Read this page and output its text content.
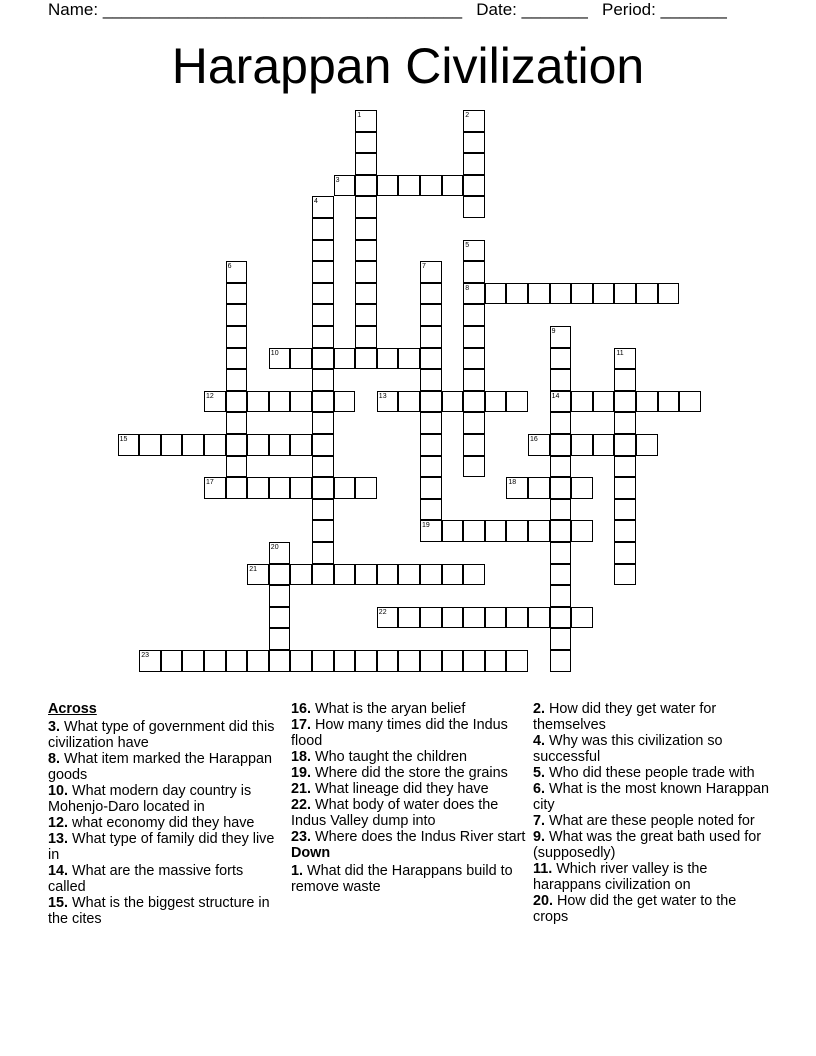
Name: ______________________________________ Date: _______ Period: _______
Harappan Civilization
1	2
3
4
5
6	7
8
9
10	11
12	13	14
15	16
17	18
19
20
21
22
23
Across
3. What type of government did this civilization have
8. What item marked the Harappan goods
10. What modern day country is Mohenjo-Daro located in
12. what economy did they have
13. What type of family did they live in
14. What are the massive forts called
15. What is the biggest structure in the cites
16. What is the aryan belief
17. How many times did the Indus flood
18. Who taught the children
19. Where did the store the grains
21. What lineage did they have
22. What body of water does the Indus Valley dump into
23. Where does the Indus River start
Down
1. What did the Harappans build to remove waste
2. How did they get water for themselves
4. Why was this civilization so successful
5. Who did these people trade with
6. What is the most known Harappan city
7. What are these people noted for
9. What was the great bath used for (supposedly)
11. Which river valley is the harappans civilization on
20. How did the get water to the crops
